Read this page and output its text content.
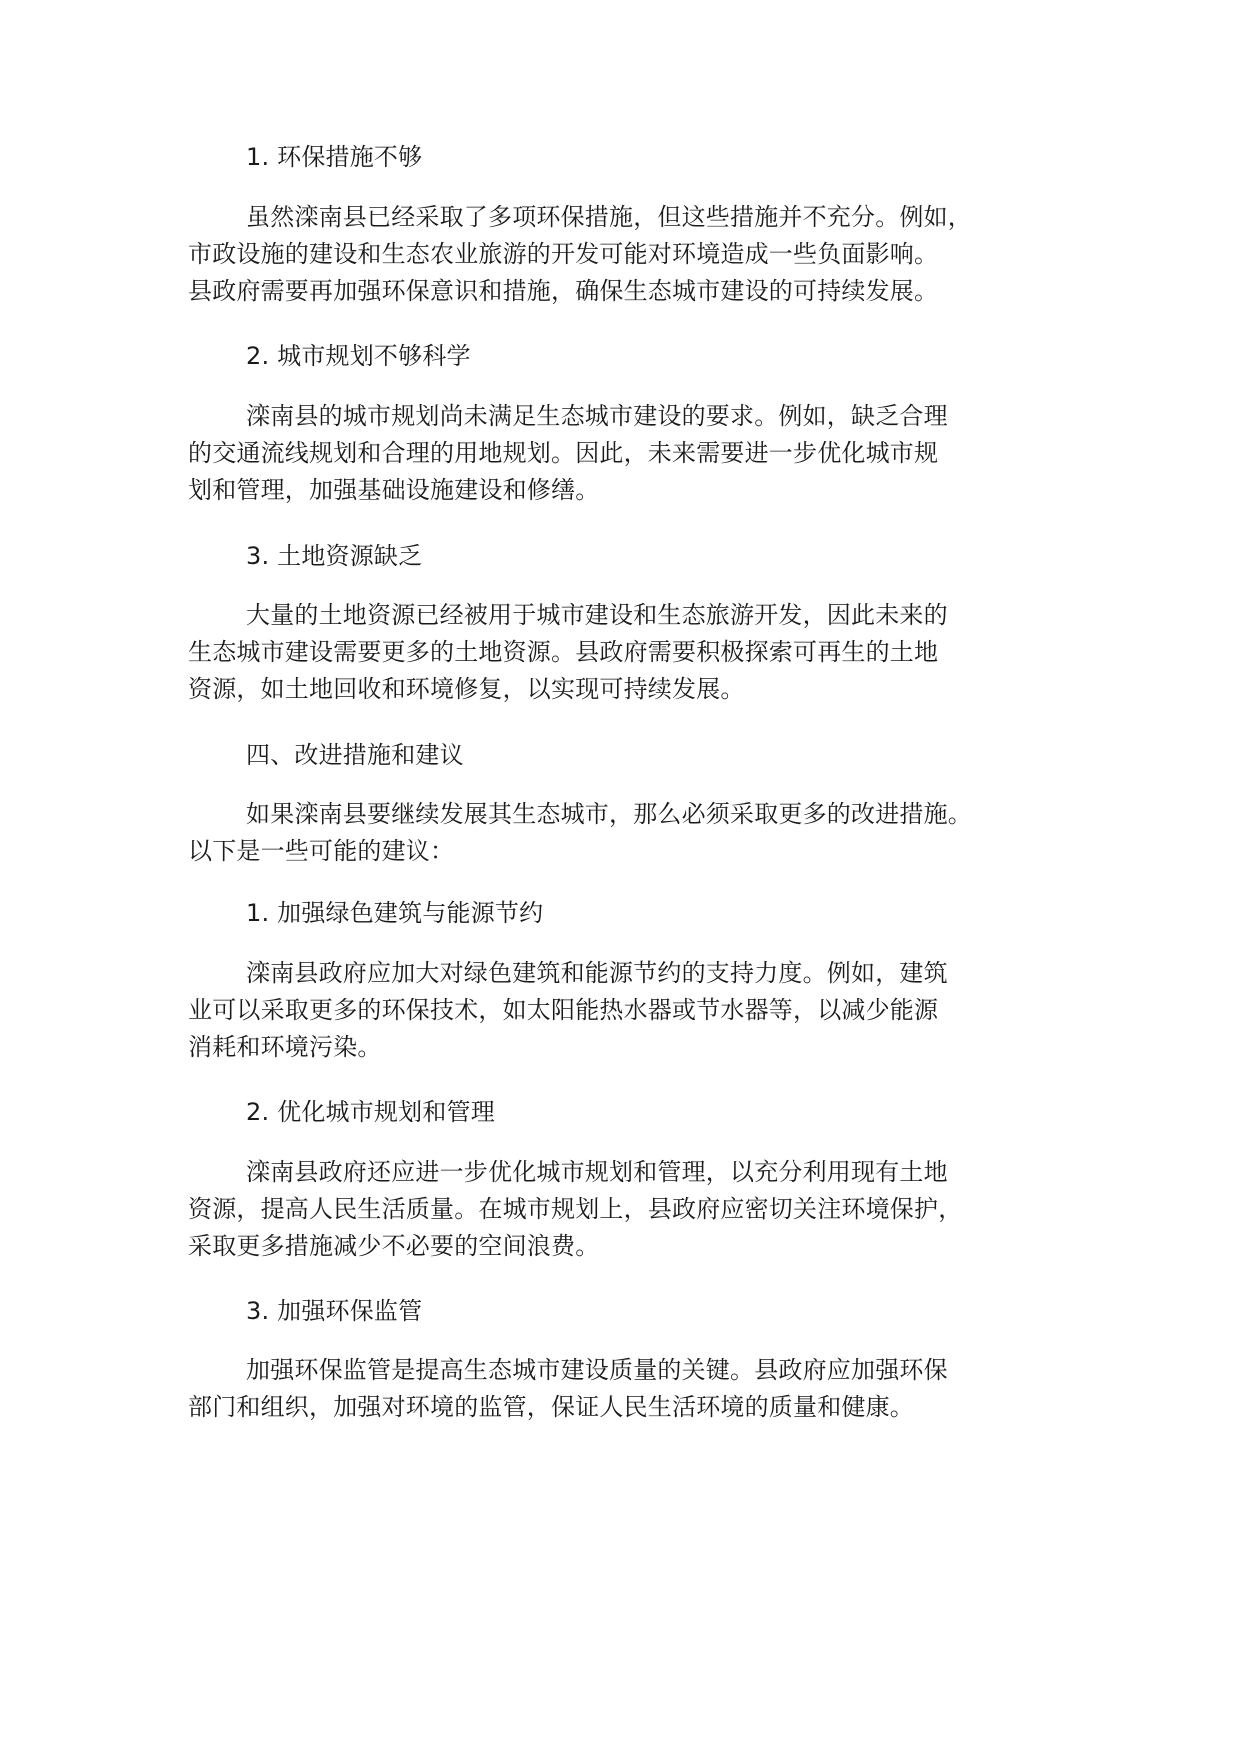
1. 环保措施不够
虽然滦南县已经采取了多项环保措施，但这些措施并不充分。例如，
市政设施的建设和生态农业旅游的开发可能对环境造成一些负面影响。
县政府需要再加强环保意识和措施，确保生态城市建设的可持续发展。
2. 城市规划不够科学
滦南县的城市规划尚未满足生态城市建设的要求。例如，缺乏合理
的交通流线规划和合理的用地规划。因此，未来需要进一步优化城市规
划和管理，加强基础设施建设和修缮。
3. 土地资源缺乏
大量的土地资源已经被用于城市建设和生态旅游开发，因此未来的
生态城市建设需要更多的土地资源。县政府需要积极探索可再生的土地
资源，如土地回收和环境修复，以实现可持续发展。
四、改进措施和建议
如果滦南县要继续发展其生态城市，那么必须采取更多的改进措施。
以下是一些可能的建议：
1. 加强绿色建筑与能源节约
滦南县政府应加大对绿色建筑和能源节约的支持力度。例如，建筑
业可以采取更多的环保技术，如太阳能热水器或节水器等，以减少能源
消耗和环境污染。
2. 优化城市规划和管理
滦南县政府还应进一步优化城市规划和管理，以充分利用现有土地
资源，提高人民生活质量。在城市规划上，县政府应密切关注环境保护，
采取更多措施减少不必要的空间浪费。
3. 加强环保监管
加强环保监管是提高生态城市建设质量的关键。县政府应加强环保
部门和组织，加强对环境的监管，保证人民生活环境的质量和健康。
